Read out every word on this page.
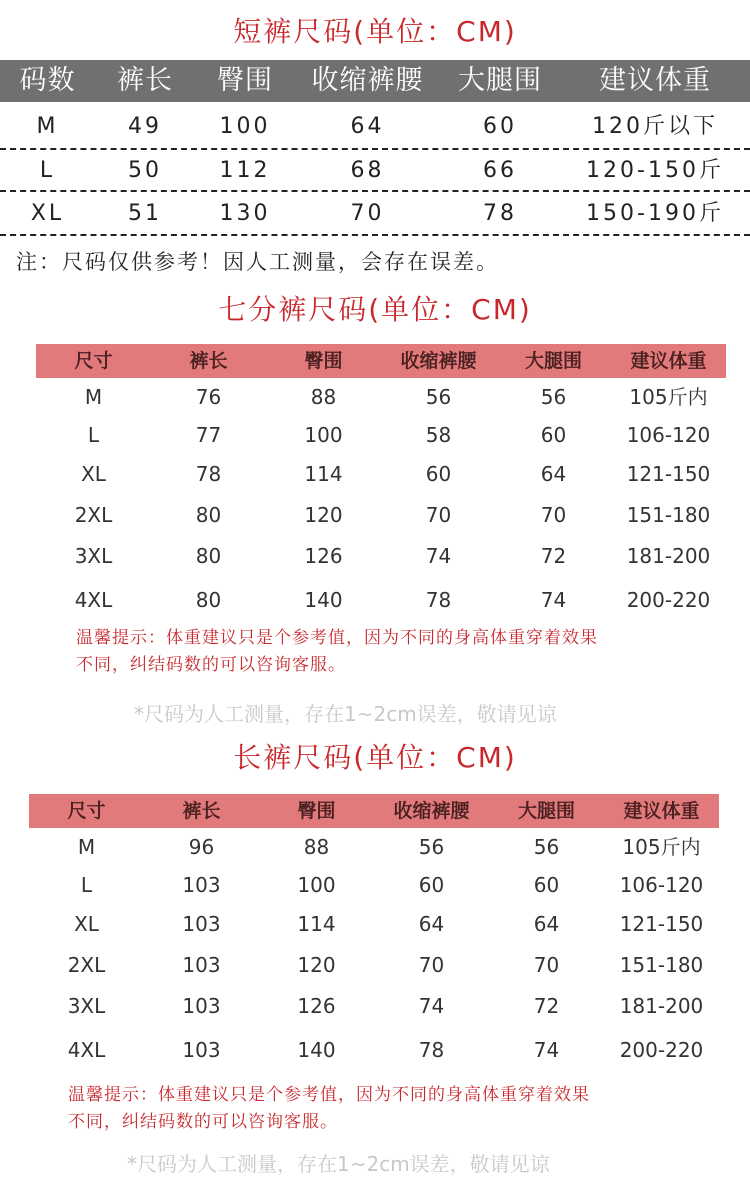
短裤尺码(单位：CM)
码数	裤长	臀围	收缩裤腰	大腿围	建议体重
M	49	100	64	60	120斤以下
L	50	112	68	66	120-150斤
XL	51	130	70	78	150-190斤
注：尺码仅供参考！因人工测量，会存在误差。
七分裤尺码(单位：CM)
尺寸	裤长	臀围	收缩裤腰	大腿围	建议体重
M	76	88	56	56	105斤内
L	77	100	58	60	106-120
XL	78	114	60	64	121-150
2XL	80	120	70	70	151-180
3XL	80	126	74	72	181-200
4XL	80	140	78	74	200-220
温馨提示：体重建议只是个参考值，因为不同的身高体重穿着效果
不同，纠结码数的可以咨询客服。
*尺码为人工测量，存在1~2cm误差，敬请见谅
长裤尺码(单位：CM)
尺寸	裤长	臀围	收缩裤腰	大腿围	建议体重
M	96	88	56	56	105斤内
L	103	100	60	60	106-120
XL	103	114	64	64	121-150
2XL	103	120	70	70	151-180
3XL	103	126	74	72	181-200
4XL	103	140	78	74	200-220
温馨提示：体重建议只是个参考值，因为不同的身高体重穿着效果
不同，纠结码数的可以咨询客服。
*尺码为人工测量，存在1~2cm误差，敬请见谅
